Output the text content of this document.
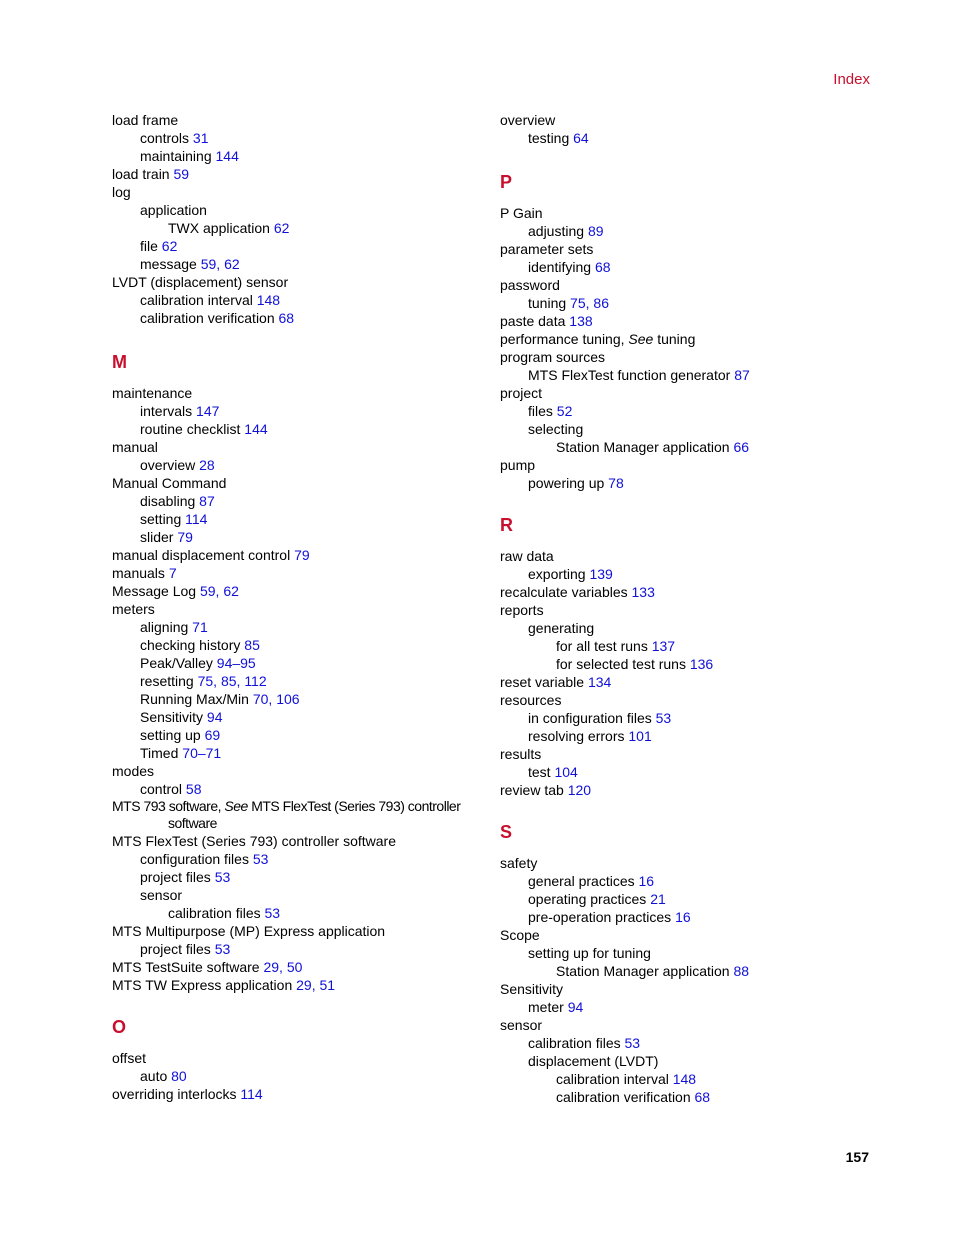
Index
load frame
controls 31
maintaining 144
load train 59
log
application
TWX application 62
file 62
message 59, 62
LVDT (displacement) sensor
calibration interval 148
calibration verification 68
M
maintenance
intervals 147
routine checklist 144
manual
overview 28
Manual Command
disabling 87
setting 114
slider 79
manual displacement control 79
manuals 7
Message Log 59, 62
meters
aligning 71
checking history 85
Peak/Valley 94–95
resetting 75, 85, 112
Running Max/Min 70, 106
Sensitivity 94
setting up 69
Timed 70–71
modes
control 58
MTS 793 software, See MTS FlexTest (Series 793) controller software
MTS FlexTest (Series 793) controller software
configuration files 53
project files 53
sensor
calibration files 53
MTS Multipurpose (MP) Express application
project files 53
MTS TestSuite software 29, 50
MTS TW Express application 29, 51
O
offset
auto 80
overriding interlocks 114
overview
testing 64
P
P Gain
adjusting 89
parameter sets
identifying 68
password
tuning 75, 86
paste data 138
performance tuning, See tuning
program sources
MTS FlexTest function generator 87
project
files 52
selecting
Station Manager application 66
pump
powering up 78
R
raw data
exporting 139
recalculate variables 133
reports
generating
for all test runs 137
for selected test runs 136
reset variable 134
resources
in configuration files 53
resolving errors 101
results
test 104
review tab 120
S
safety
general practices 16
operating practices 21
pre-operation practices 16
Scope
setting up for tuning
Station Manager application 88
Sensitivity
meter 94
sensor
calibration files 53
displacement (LVDT)
calibration interval 148
calibration verification 68
157
